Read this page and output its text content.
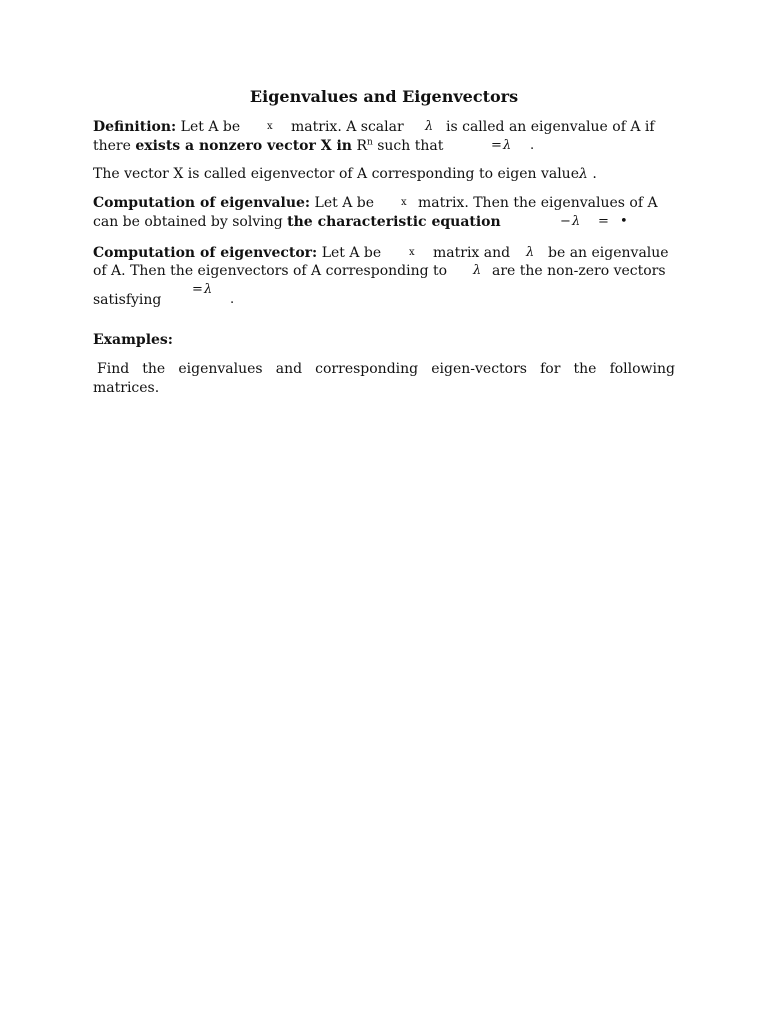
Eigenvalues and Eigenvectors
Definition: Let A be	x matrix. A scalar λ is called an eigenvalue of A if
there exists a nonzero vector X in $R^n$ such that	= λ .
The vector X is called eigenvector of A corresponding to eigen valueλ .
Computation of eigenvalue: Let A be	x matrix. Then the eigenvalues of A
can be obtained by solving the characteristic equation	− λ = •
Computation of eigenvector: Let A be	x matrix and λ be an eigenvalue
of A. Then the eigenvectors of A corresponding to	λ are the non-zero vectors
satisfying
= λ
.
Examples:
Find the eigenvalues and corresponding eigen-vectors for the following matrices.
